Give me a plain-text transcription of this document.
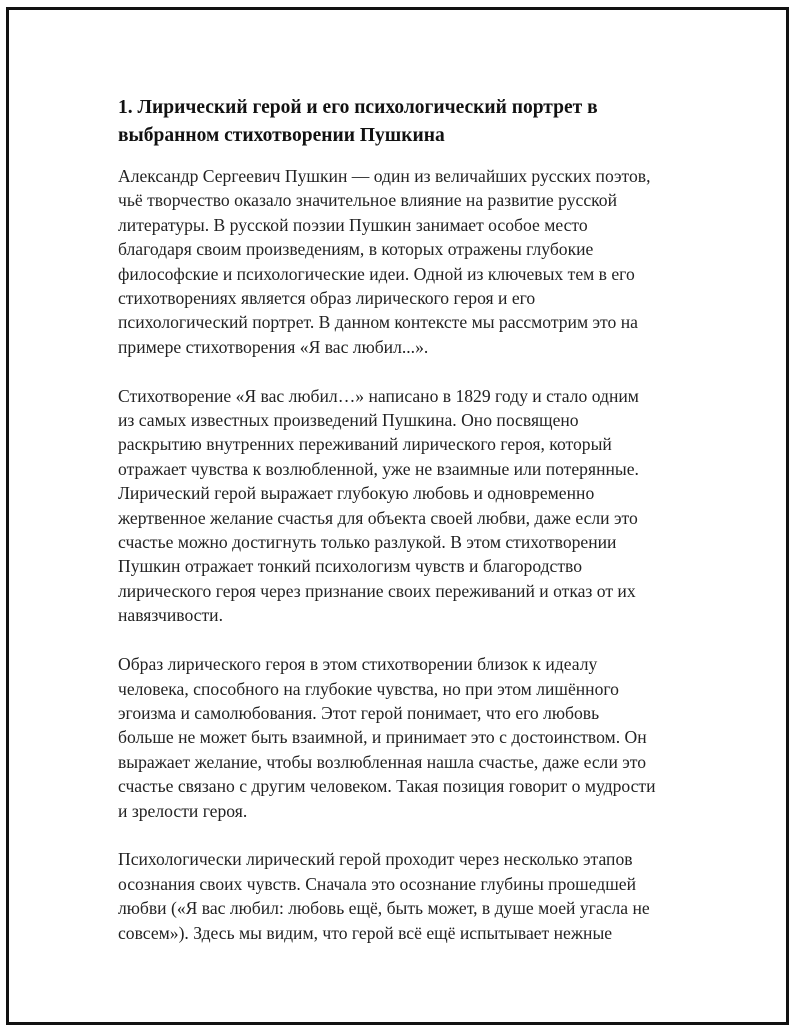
1. Лирический герой и его психологический портрет в
выбранном стихотворении Пушкина

Александр Сергеевич Пушкин — один из величайших русских поэтов,
чьё творчество оказало значительное влияние на развитие русской
литературы. В русской поэзии Пушкин занимает особое место
благодаря своим произведениям, в которых отражены глубокие
философские и психологические идеи. Одной из ключевых тем в его
стихотворениях является образ лирического героя и его
психологический портрет. В данном контексте мы рассмотрим это на
примере стихотворения «Я вас любил...».

Стихотворение «Я вас любил…» написано в 1829 году и стало одним
из самых известных произведений Пушкина. Оно посвящено
раскрытию внутренних переживаний лирического героя, который
отражает чувства к возлюбленной, уже не взаимные или потерянные.
Лирический герой выражает глубокую любовь и одновременно
жертвенное желание счастья для объекта своей любви, даже если это
счастье можно достигнуть только разлукой. В этом стихотворении
Пушкин отражает тонкий психологизм чувств и благородство
лирического героя через признание своих переживаний и отказ от их
навязчивости.

Образ лирического героя в этом стихотворении близок к идеалу
человека, способного на глубокие чувства, но при этом лишённого
эгоизма и самолюбования. Этот герой понимает, что его любовь
больше не может быть взаимной, и принимает это с достоинством. Он
выражает желание, чтобы возлюбленная нашла счастье, даже если это
счастье связано с другим человеком. Такая позиция говорит о мудрости
и зрелости героя.

Психологически лирический герой проходит через несколько этапов
осознания своих чувств. Сначала это осознание глубины прошедшей
любви («Я вас любил: любовь ещё, быть может, в душе моей угасла не
совсем»). Здесь мы видим, что герой всё ещё испытывает нежные
